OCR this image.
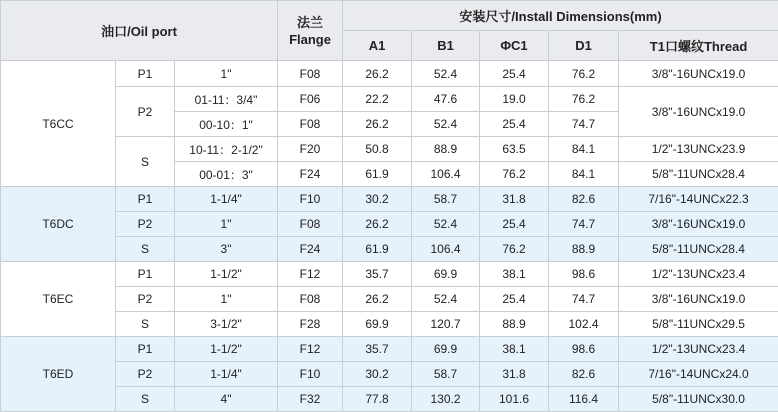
油口/Oil port			法兰
Flange	安装尺寸/Install Dimensions(mm)				
				A1	B1	ΦC1	D1	T1口螺纹Thread
T6CC	P1	1"	F08	26.2	52.4	25.4	76.2	3/8"-16UNCx19.0
	P2	01-11：3/4"	F06	22.2	47.6	19.0	76.2	3/8"-16UNCx19.0
		00-10：1"	F08	26.2	52.4	25.4	74.7	
	S	10-11：2-1/2"	F20	50.8	88.9	63.5	84.1	1/2"-13UNCx23.9
		00-01：3"	F24	61.9	106.4	76.2	84.1	5/8"-11UNCx28.4
T6DC	P1	1-1/4"	F10	30.2	58.7	31.8	82.6	7/16"-14UNCx22.3
	P2	1"	F08	26.2	52.4	25.4	74.7	3/8"-16UNCx19.0
	S	3"	F24	61.9	106.4	76.2	88.9	5/8"-11UNCx28.4
T6EC	P1	1-1/2"	F12	35.7	69.9	38.1	98.6	1/2"-13UNCx23.4
	P2	1"	F08	26.2	52.4	25.4	74.7	3/8"-16UNCx19.0
	S	3-1/2"	F28	69.9	120.7	88.9	102.4	5/8"-11UNCx29.5
T6ED	P1	1-1/2"	F12	35.7	69.9	38.1	98.6	1/2"-13UNCx23.4
	P2	1-1/4"	F10	30.2	58.7	31.8	82.6	7/16"-14UNCx24.0
	S	4"	F32	77.8	130.2	101.6	116.4	5/8"-11UNCx30.0
